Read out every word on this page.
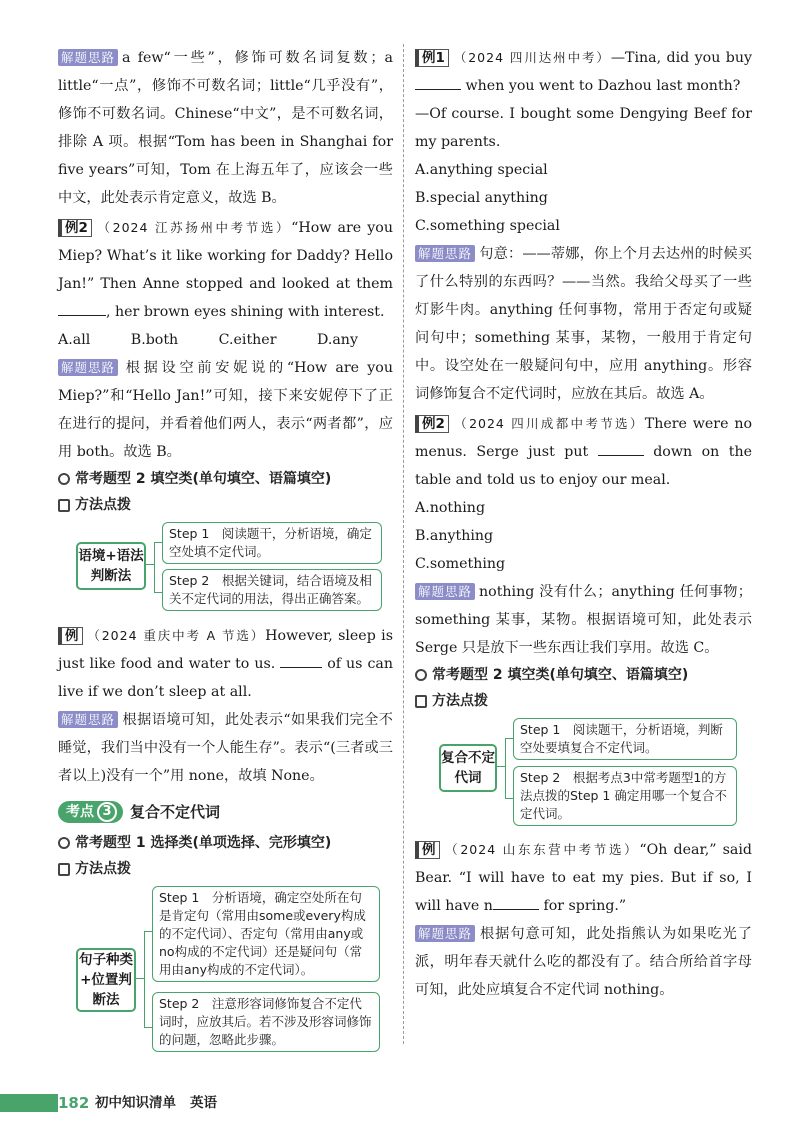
解题思路 a few“一些”，修饰可数名词复数；a little“一点”，修饰不可数名词；little“几乎没有”，修饰不可数名词。Chinese“中文”，是不可数名词，排除 A 项。根据“Tom has been in Shanghai for five years”可知，Tom 在上海五年了，应该会一些中文，此处表示肯定意义，故选 B。

例2 （2024 江苏扬州中考节选）“How are you Miep? What’s it like working for Daddy? Hello Jan!” Then Anne stopped and looked at them , her brown eyes shining with interest.

A.all	B.both	C.either	D.any

解题思路 根据设空前安妮说的“How are you Miep?”和“Hello Jan!”可知，接下来安妮停下了正在进行的提问，并看着他们两人，表示“两者都”，应用 both。故选 B。

常考题型 2 填空类(单句填空、语篇填空)
方法点拨
语境+语法判断法
Step 1　阅读题干，分析语境，确定空处填不定代词。
Step 2　根据关键词，结合语境及相关不定代词的用法，得出正确答案。

例 （2024 重庆中考 A 节选）However, sleep is just like food and water to us.	of us can live if we don’t sleep at all.

解题思路 根据语境可知，此处表示“如果我们完全不睡觉，我们当中没有一个人能生存”。表示“(三者或三者以上)没有一个”用 none，故填 None。

考点 3	复合不定代词
常考题型 1 选择类(单项选择、完形填空)
方法点拨
句子种类+位置判断法
Step 1　分析语境，确定空处所在句是肯定句（常用由some或every构成的不定代词）、否定句（常用由any或no构成的不定代词）还是疑问句（常用由any构成的不定代词）。
Step 2　注意形容词修饰复合不定代词时，应放其后。若不涉及形容词修饰的问题，忽略此步骤。

例1 （2024 四川达州中考）—Tina, did you buy  when you went to Dazhou last month?

—Of course. I bought some Dengying Beef for my parents.

A.anything special

B.special anything

C.something special

解题思路 句意：——蒂娜，你上个月去达州的时候买了什么特别的东西吗？——当然。我给父母买了一些灯影牛肉。anything 任何事物，常用于否定句或疑问句中；something 某事，某物，一般用于肯定句中。设空处在一般疑问句中，应用 anything。形容词修饰复合不定代词时，应放在其后。故选 A。

例2 （2024 四川成都中考节选）There were no menus. Serge just put	down on the table and told us to enjoy our meal.

A.nothing

B.anything

C.something

解题思路 nothing 没有什么；anything 任何事物；something 某事，某物。根据语境可知，此处表示 Serge 只是放下一些东西让我们享用。故选 C。

常考题型 2 填空类(单句填空、语篇填空)
方法点拨
复合不定代词
Step 1　阅读题干，分析语境，判断空处要填复合不定代词。
Step 2　根据考点3中常考题型1的方法点拨的Step 1 确定用哪一个复合不定代词。

例 （2024 山东东营中考节选）“Oh dear,” said Bear. “I will have to eat my pies. But if so, I will have n	for spring.”

解题思路 根据句意可知，此处指熊认为如果吃光了派，明年春天就什么吃的都没有了。结合所给首字母可知，此处应填复合不定代词 nothing。

182 初中知识清单 英语
